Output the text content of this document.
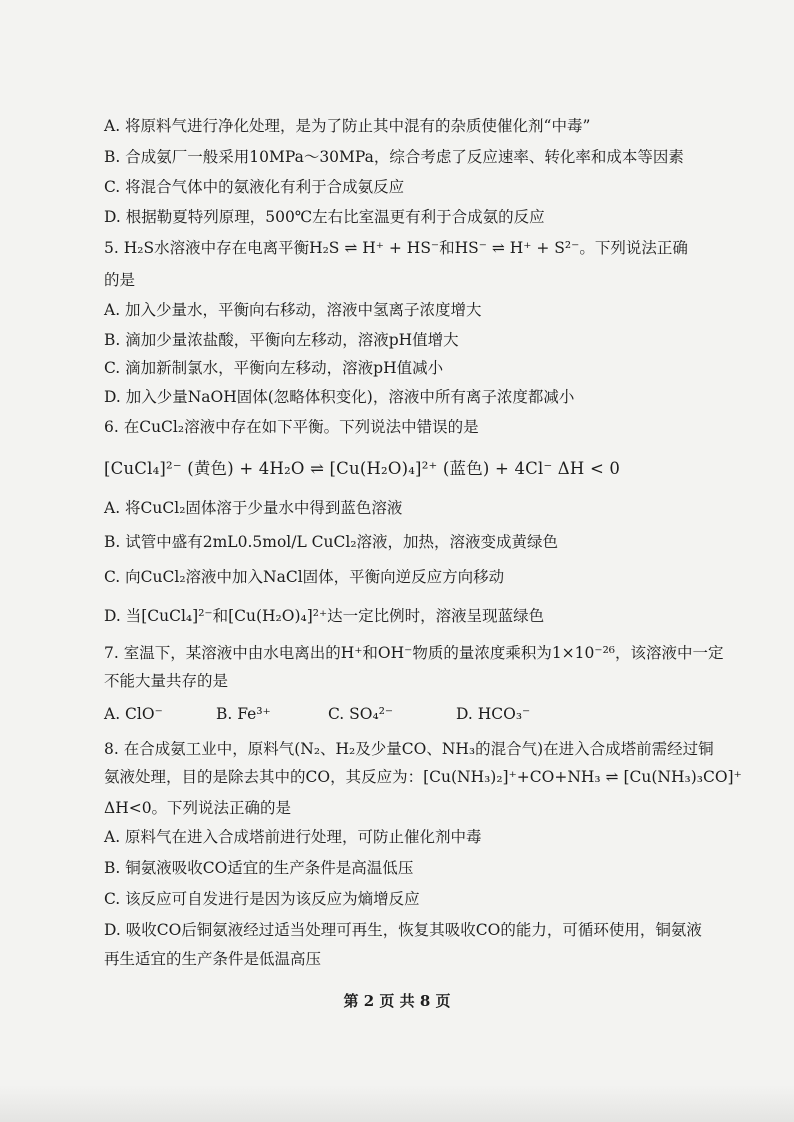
A. 将原料气进行净化处理，是为了防止其中混有的杂质使催化剂“中毒”
B. 合成氨厂一般采用10MPa～30MPa，综合考虑了反应速率、转化率和成本等因素
C. 将混合气体中的氨液化有利于合成氨反应
D. 根据勒夏特列原理，500℃左右比室温更有利于合成氨的反应
5. H₂S水溶液中存在电离平衡H₂S ⇌ H⁺ + HS⁻和HS⁻ ⇌ H⁺ + S²⁻。下列说法正确
的是
A. 加入少量水，平衡向右移动，溶液中氢离子浓度增大
B. 滴加少量浓盐酸，平衡向左移动，溶液pH值增大
C. 滴加新制氯水，平衡向左移动，溶液pH值减小
D. 加入少量NaOH固体(忽略体积变化)，溶液中所有离子浓度都减小
6. 在CuCl₂溶液中存在如下平衡。下列说法中错误的是
[CuCl₄]²⁻ (黄色) + 4H₂O ⇌ [Cu(H₂O)₄]²⁺ (蓝色) + 4Cl⁻ ΔH < 0
A. 将CuCl₂固体溶于少量水中得到蓝色溶液
B. 试管中盛有2mL0.5mol/L CuCl₂溶液，加热，溶液变成黄绿色
C. 向CuCl₂溶液中加入NaCl固体，平衡向逆反应方向移动
D. 当[CuCl₄]²⁻和[Cu(H₂O)₄]²⁺达一定比例时，溶液呈现蓝绿色
7. 室温下，某溶液中由水电离出的H⁺和OH⁻物质的量浓度乘积为1×10⁻²⁶，该溶液中一定
不能大量共存的是
A. ClO⁻	B. Fe³⁺	C. SO₄²⁻	D. HCO₃⁻
8. 在合成氨工业中，原料气(N₂、H₂及少量CO、NH₃的混合气)在进入合成塔前需经过铜
氨液处理，目的是除去其中的CO，其反应为：[Cu(NH₃)₂]⁺+CO+NH₃ ⇌ [Cu(NH₃)₃CO]⁺
ΔH<0。下列说法正确的是
A. 原料气在进入合成塔前进行处理，可防止催化剂中毒
B. 铜氨液吸收CO适宜的生产条件是高温低压
C. 该反应可自发进行是因为该反应为熵增反应
D. 吸收CO后铜氨液经过适当处理可再生，恢复其吸收CO的能力，可循环使用，铜氨液
再生适宜的生产条件是低温高压
第 2 页 共 8 页
